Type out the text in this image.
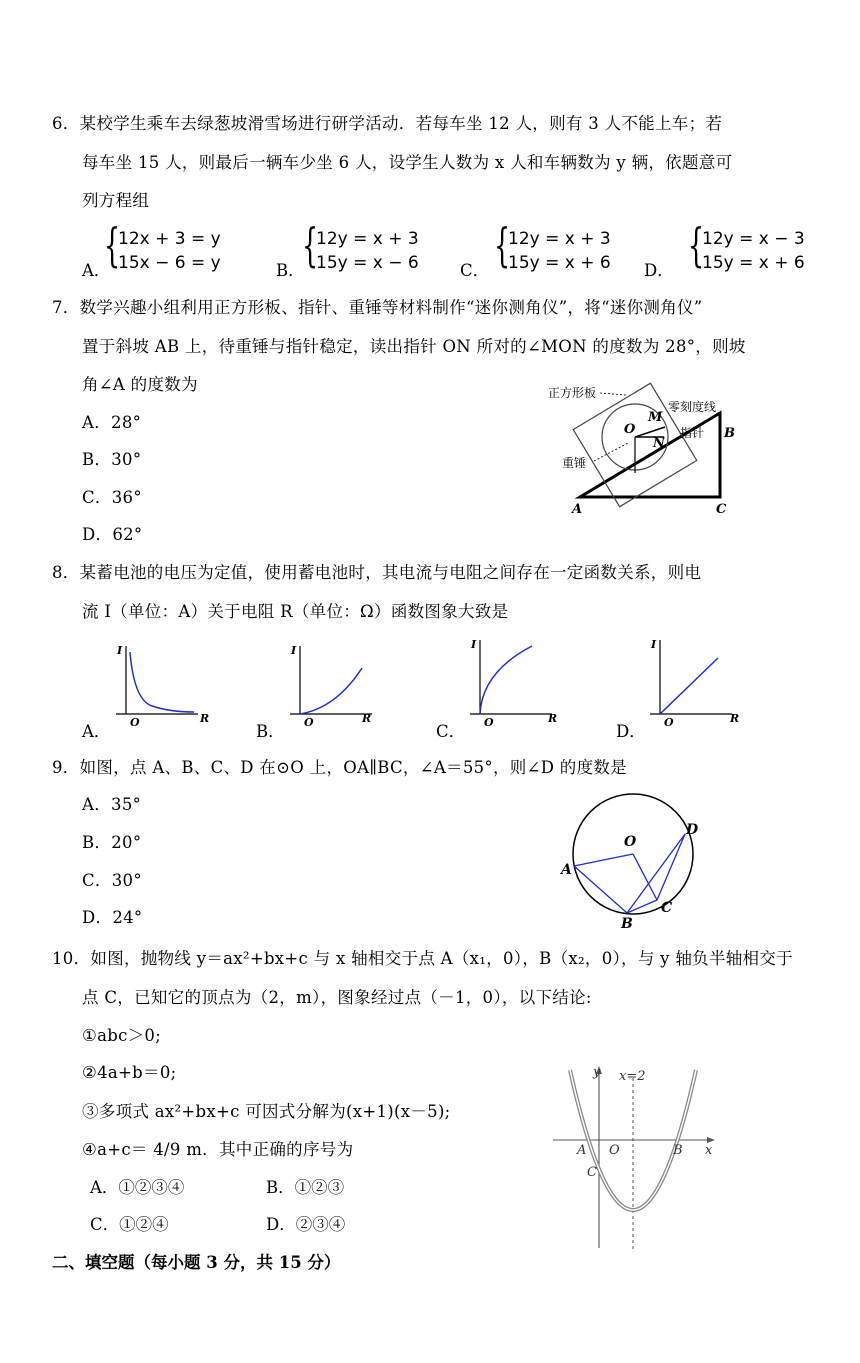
6．某校学生乘车去绿葱坡滑雪场进行研学活动．若每车坐 12 人，则有 3 人不能上车；若
每车坐 15 人，则最后一辆车少坐 6 人，设学生人数为 x 人和车辆数为 y 辆，依题意可
列方程组
A．
{
12x + 3 = y
15x − 6 = y	B．
{
12y = x + 3
15y = x − 6	C． {
12y = x + 3
15y = x + 6 D． {
12y = x − 3
15y = x + 6
7．数学兴趣小组利用正方形板、指针、重锤等材料制作“迷你测角仪”，将“迷你测角仪”
置于斜坡 AB 上，待重锤与指针稳定，读出指针 ON 所对的∠MON 的度数为 28°，则坡
角∠A 的度数为
A．28°
B．30°
C．36°
D．62°
正方形板
零刻度线
指针
重锤
O
M
N
A
B
C
8．某蓄电池的电压为定值，使用蓄电池时，其电流与电阻之间存在一定函数关系，则电
流 I（单位：A）关于电阻 R（单位：Ω）函数图象大致是
A．	B．	C．	D．
I
R
O
I
R
O
I
R
O
I
R
O
9．如图，点 A、B、C、D 在⊙O 上，OA∥BC，∠A＝55°，则∠D 的度数是
A．35°
B．20°
C．30°
D．24°
O
A
B
C
D
10．如图，抛物线 y＝ax²+bx+c 与 x 轴相交于点 A（x₁，0），B（x₂，0），与 y 轴负半轴相交于
点 C，已知它的顶点为（2，m），图象经过点（－1，0），以下结论:
①abc＞0;
②4a+b＝0;
③多项式 ax²+bx+c 可因式分解为(x+1)(x－5);
④a+c＝ 4/9 m．其中正确的序号为
A．①②③④	B．①②③
C．①②④	D．②③④
y
x
x=2
O
A	B
C
二、填空题（每小题 3 分，共 15 分）
